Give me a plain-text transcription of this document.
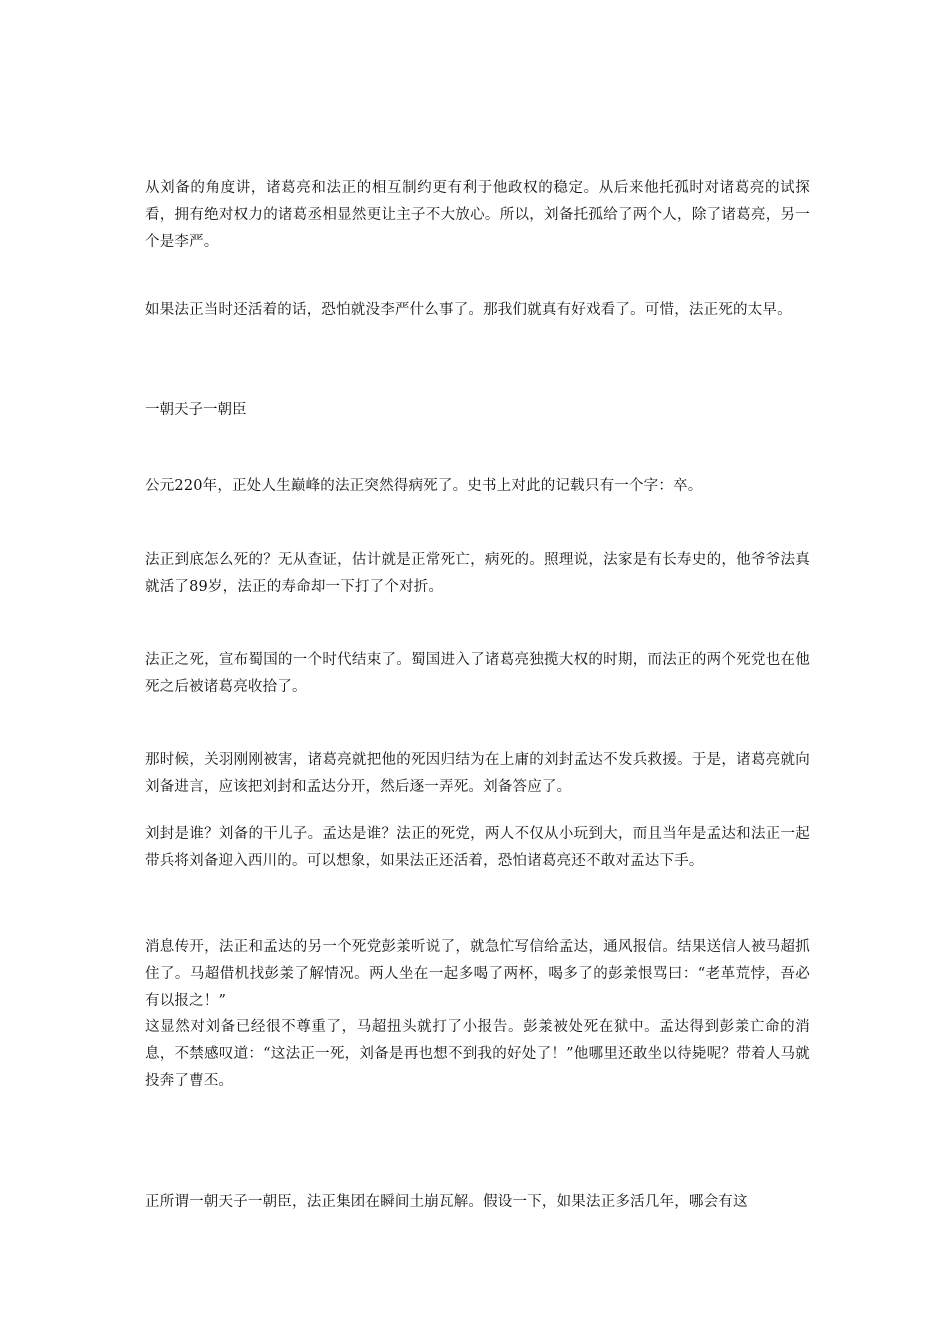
从刘备的角度讲，诸葛亮和法正的相互制约更有利于他政权的稳定。从后来他托孤时对诸葛亮的试探看，拥有绝对权力的诸葛丞相显然更让主子不大放心。所以，刘备托孤给了两个人，除了诸葛亮，另一个是李严。

如果法正当时还活着的话，恐怕就没李严什么事了。那我们就真有好戏看了。可惜，法正死的太早。

一朝天子一朝臣

公元220年，正处人生巅峰的法正突然得病死了。史书上对此的记载只有一个字：卒。

法正到底怎么死的？无从查证，估计就是正常死亡，病死的。照理说，法家是有长寿史的，他爷爷法真就活了89岁，法正的寿命却一下打了个对折。

法正之死，宣布蜀国的一个时代结束了。蜀国进入了诸葛亮独揽大权的时期，而法正的两个死党也在他死之后被诸葛亮收拾了。

那时候，关羽刚刚被害，诸葛亮就把他的死因归结为在上庸的刘封孟达不发兵救援。于是，诸葛亮就向刘备进言，应该把刘封和孟达分开，然后逐一弄死。刘备答应了。

刘封是谁？刘备的干儿子。孟达是谁？法正的死党，两人不仅从小玩到大，而且当年是孟达和法正一起带兵将刘备迎入西川的。可以想象，如果法正还活着，恐怕诸葛亮还不敢对孟达下手。

消息传开，法正和孟达的另一个死党彭羕听说了，就急忙写信给孟达，通风报信。结果送信人被马超抓住了。马超借机找彭羕了解情况。两人坐在一起多喝了两杯，喝多了的彭羕恨骂曰：“老革荒悖，吾必有以报之！”

这显然对刘备已经很不尊重了，马超扭头就打了小报告。彭羕被处死在狱中。孟达得到彭羕亡命的消息，不禁感叹道：“这法正一死，刘备是再也想不到我的好处了！”他哪里还敢坐以待毙呢？带着人马就投奔了曹丕。

正所谓一朝天子一朝臣，法正集团在瞬间土崩瓦解。假设一下，如果法正多活几年，哪会有这
